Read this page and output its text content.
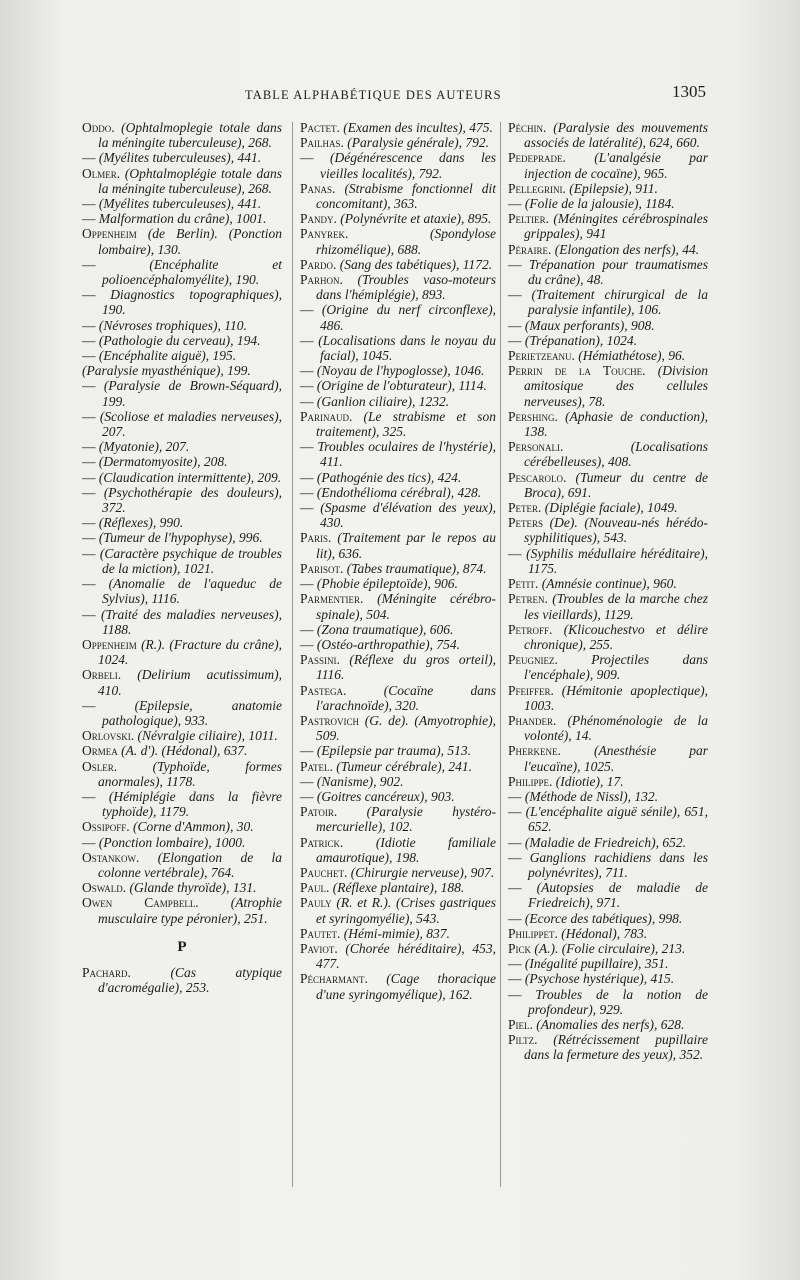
TABLE ALPHABÉTIQUE DES AUTEURS	1305

Oddo. (Ophtalmoplegie totale dans la méningite tuberculeuse), 268.

— (Myélites tuberculeuses), 441.

Olmer. (Ophtalmoplégie totale dans la méningite tuberculeuse), 268.

— (Myélites tuberculeuses), 441.

— Malformation du crâne), 1001.

Oppenheim (de Berlin). (Ponction lombaire), 130.

—	(Encéphalite et polioencéphalomyélite), 190.

— Diagnostics topographiques), 190.

— (Névroses trophiques), 110.

— (Pathologie du cerveau), 194.

— (Encéphalite aiguë), 195.

(Paralysie myasthénique), 199.

— (Paralysie de Brown-Séquard), 199.

— (Scoliose et maladies nerveuses), 207.

— (Myatonie), 207.

— (Dermatomyosite), 208.

— (Claudication intermittente), 209.

— (Psychothérapie des douleurs), 372.

— (Réflexes), 990.

— (Tumeur de l'hypophyse), 996.

— (Caractère psychique de troubles de la miction), 1021.

— (Anomalie de l'aqueduc de Sylvius), 1116.

— (Traité des maladies nerveuses), 1188.

Oppenheim (R.). (Fracture du crâne), 1024.

Orbeli. (Delirium acutissimum), 410.

—	(Epilepsie, anatomie pathologique), 933.

Orlovski. (Névralgie ciliaire), 1011.

Ormea (A. d'). (Hédonal), 637.

Osler.	(Typhoïde, formes anormales), 1178.

— (Hémiplégie dans la fièvre typhoïde), 1179.

Ossipoff. (Corne d'Ammon), 30.

— (Ponction lombaire), 1000.

Ostankow. (Elongation de la colonne vertébrale), 764.

Oswald. (Glande thyroïde), 131.

Owen Campbell. (Atrophie musculaire type péronier), 251.

P

Pachard.	(Cas atypique d'acromégalie), 253.

Pactet. (Examen des incultes), 475.

Pailhas. (Paralysie générale), 792.

— (Dégénérescence dans les vieilles localités), 792.

Panas. (Strabisme fonctionnel dit concomitant), 363.

Pandy. (Polynévrite et ataxie), 895.

Panyrek.	(Spondylose rhizomélique), 688.

Pardo. (Sang des tabétiques), 1172.

Parhon. (Troubles vaso-moteurs dans l'hémiplégie), 893.

— (Origine du nerf circonflexe), 486.

— (Localisations dans le noyau du facial), 1045.

— (Noyau de l'hypoglosse), 1046.

— (Origine de l'obturateur), 1114.

— (Ganlion ciliaire), 1232.

Parinaud. (Le strabisme et son traitement), 325.

— Troubles oculaires de l'hystérie), 411.

— (Pathogénie des tics), 424.

— (Endothélioma cérébral), 428.

— (Spasme d'élévation des yeux), 430.

Paris. (Traitement par le repos au lit), 636.

Parisot. (Tabes traumatique), 874.

— (Phobie épileptoïde), 906.

Parmentier. (Méningite cérébro-spinale), 504.

— (Zona traumatique), 606.

— (Ostéo-arthropathie), 754.

Passini. (Réflexe du gros orteil), 1116.

Pastega.	(Cocaïne dans l'arachnoïde), 320.

Pastrovich (G. de). (Amyotrophie), 509.

— (Epilepsie par trauma), 513.

Patel. (Tumeur cérébrale), 241.

— (Nanisme), 902.

— (Goitres cancéreux), 903.

Patoir. (Paralysie hystéro-mercurielle), 102.

Patrick. (Idiotie familiale amaurotique), 198.

Pauchet. (Chirurgie nerveuse), 907.

Paul. (Réflexe plantaire), 188.

Pauly (R. et R.). (Crises gastriques et syringomyélie), 543.

Pautet. (Hémi-mimie), 837.

Paviot. (Chorée héréditaire), 453, 477.

Pécharmant. (Cage thoracique d'une syringomyélique), 162.

Péchin. (Paralysie des mouvements associés de latéralité), 624, 660.

Pedeprade. (L'analgésie par injection de cocaïne), 965.

Pellegrini. (Epilepsie), 911.

— (Folie de la jalousie), 1184.

Peltier. (Méningites cérébrospinales grippales), 941

Péraire. (Elongation des nerfs), 44.

— Trépanation pour traumatismes du crâne), 48.

— (Traitement chirurgical de la paralysie infantile), 106.

— (Maux perforants), 908.

— (Trépanation), 1024.

Perietzeanu. (Hémiathétose), 96.

Perrin de la Touche. (Division amitosique des cellules nerveuses), 78.

Pershing. (Aphasie de conduction), 138.

Personali.	(Localisations cérébelleuses), 408.

Pescarolo. (Tumeur du centre de Broca), 691.

Peter. (Diplégie faciale), 1049.

Peters (De). (Nouveau-nés hérédo-syphilitiques), 543.

— (Syphilis médullaire héréditaire), 1175.

Petit. (Amnésie continue), 960.

Petren. (Troubles de la marche chez les vieillards), 1129.

Petroff. (Klicouchestvo et délire chronique), 255.

Peugniez. Projectiles dans l'encéphale), 909.

Pfeiffer. (Hémitonie apoplectique), 1003.

Phander. (Phénoménologie de la volonté), 14.

Pherkene. (Anesthésie par l'eucaïne), 1025.

Philippe. (Idiotie), 17.

— (Méthode de Nissl), 132.

— (L'encéphalite aiguë sénile), 651, 652.

— (Maladie de Friedreich), 652.

— Ganglions rachidiens dans les polynévrites), 711.

— (Autopsies de maladie de Friedreich), 971.

— (Ecorce des tabétiques), 998.

Philippet. (Hédonal), 783.

Pick (A.). (Folie circulaire), 213.

— (Inégalité pupillaire), 351.

— (Psychose hystérique), 415.

— Troubles de la notion de profondeur), 929.

Piel. (Anomalies des nerfs), 628.

Piltz. (Rétrécissement pupillaire dans la fermeture des yeux), 352.
